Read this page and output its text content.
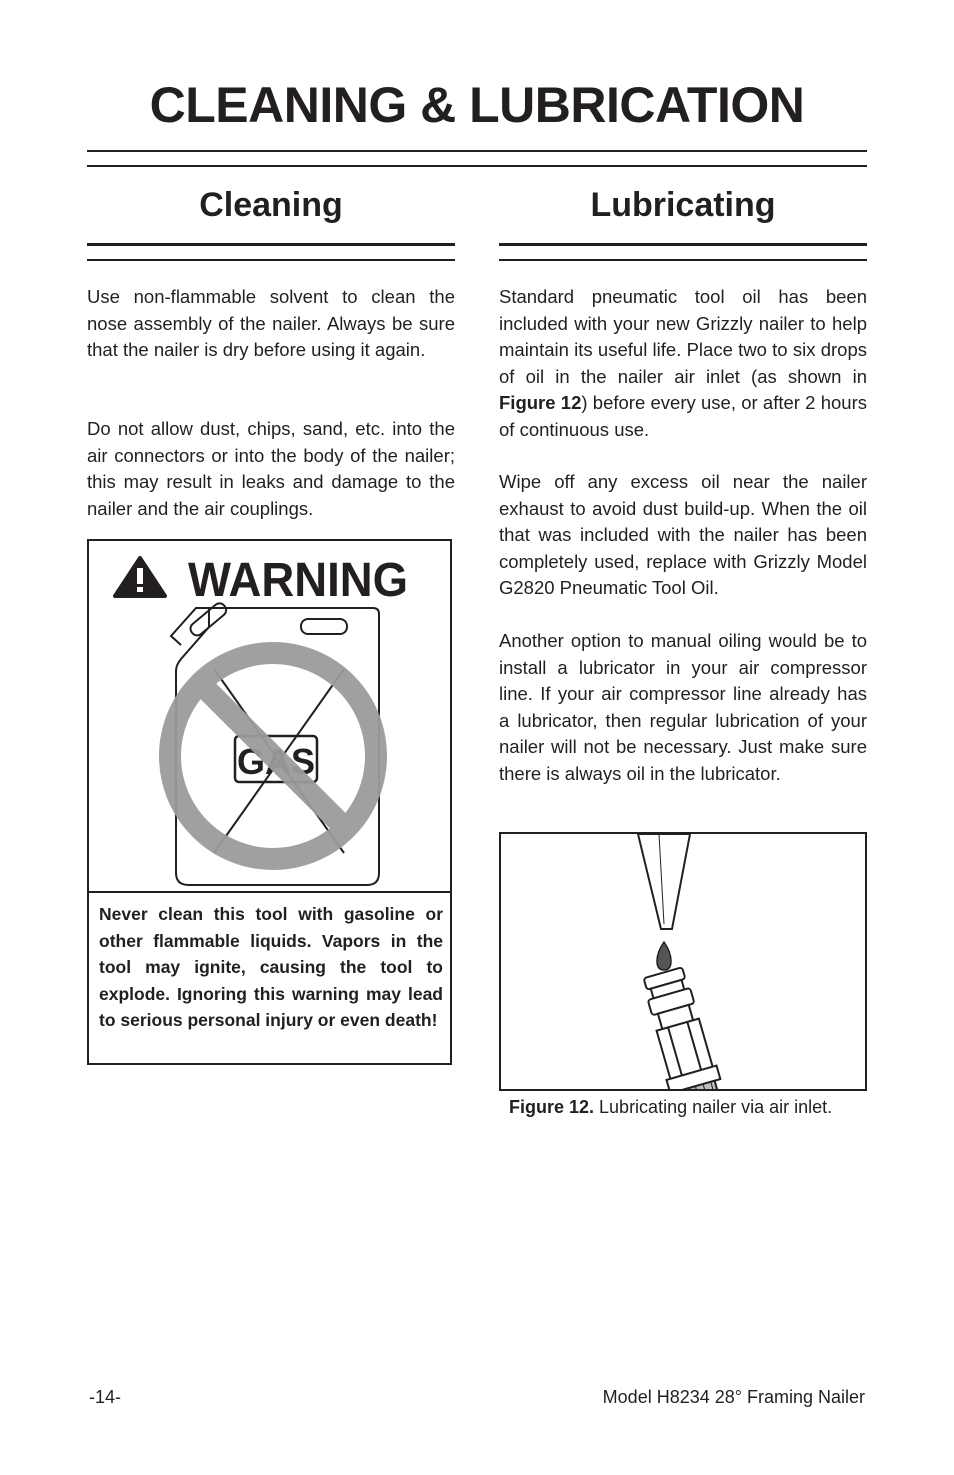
CLEANING & LUBRICATION
Cleaning

Use non-flammable solvent to clean the nose assembly of the nailer. Always be sure that the nailer is dry before using it again.

Do not allow dust, chips, sand, etc. into the air connectors or into the body of the nailer; this may result in leaks and damage to the nailer and the air couplings.

WARNING
GAS

Never clean this tool with gasoline or other flammable liquids. Vapors in the tool may ignite, causing the tool to explode. Ignoring this warning may lead to serious personal injury or even death!

Lubricating

Standard pneumatic tool oil has been included with your new Grizzly nailer to help maintain its useful life. Place two to six drops of oil in the nailer air inlet (as shown in Figure 12) before every use, or after 2 hours of continuous use.

Wipe off any excess oil near the nailer exhaust to avoid dust build-up. When the oil that was included with the nailer has been completely used, replace with Grizzly Model G2820 Pneumatic Tool Oil.

Another option to manual oiling would be to install a lubricator in your air compressor line. If your air compressor line already has a lubricator, then regular lubrication of your nailer will not be necessary. Just make sure there is always oil in the lubricator.

Figure 12. Lubricating nailer via air inlet.
-14-	Model H8234 28° Framing Nailer
